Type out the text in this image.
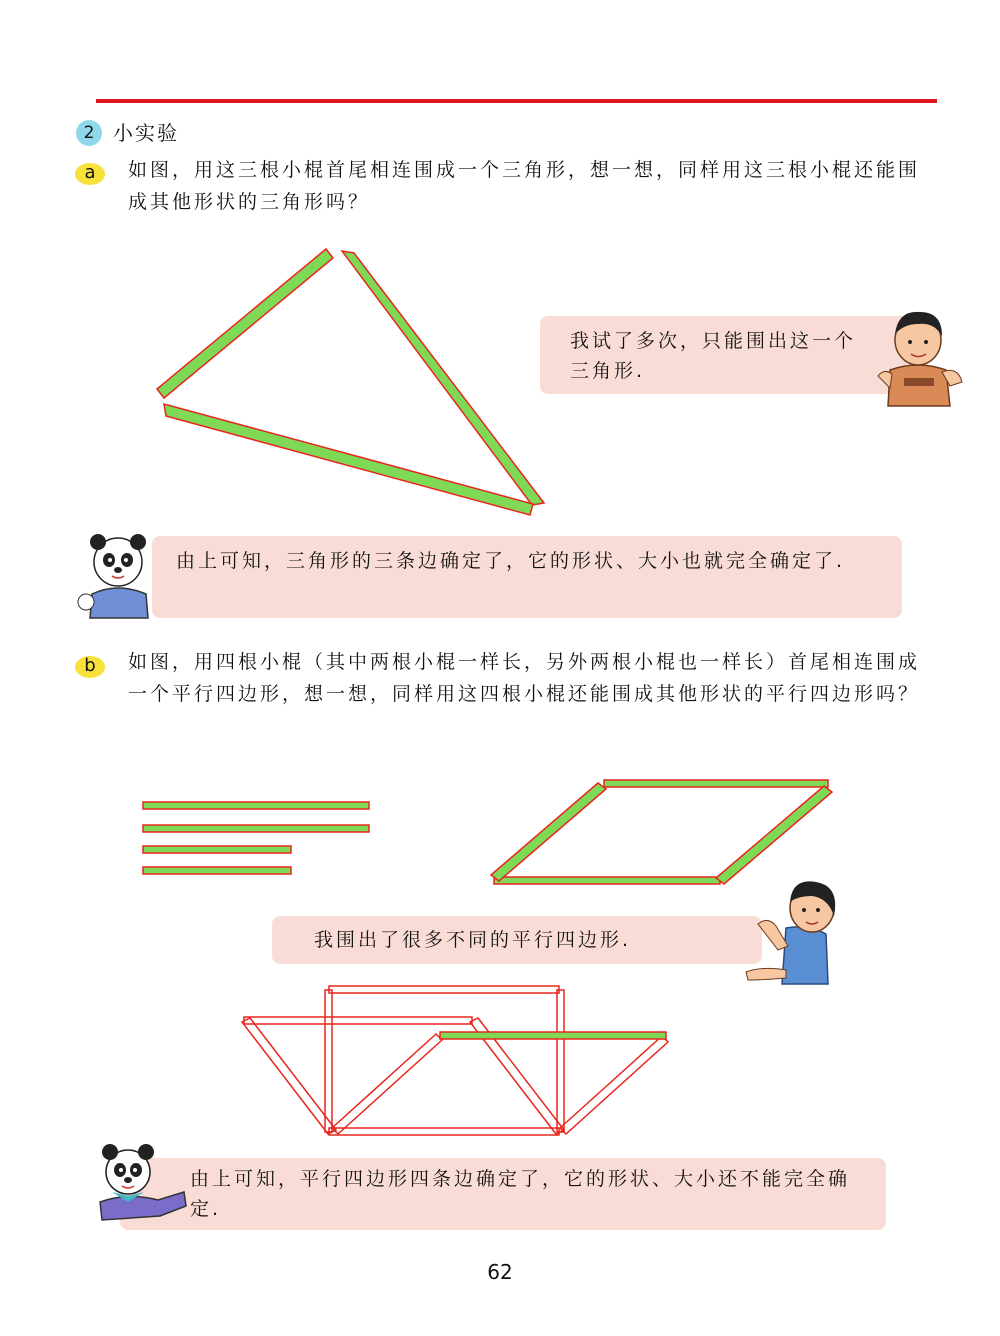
2 小实验
a	如图，用这三根小棍首尾相连围成一个三角形，想一想，同样用这三根小棍还能围成其他形状的三角形吗？
我试了多次，只能围出这一个三角形.
由上可知，三角形的三条边确定了，它的形状、大小也就完全确定了.
b	如图，用四根小棍（其中两根小棍一样长，另外两根小棍也一样长）首尾相连围成一个平行四边形，想一想，同样用这四根小棍还能围成其他形状的平行四边形吗？
我围出了很多不同的平行四边形.
由上可知，平行四边形四条边确定了，它的形状、大小还不能完全确定.
62
